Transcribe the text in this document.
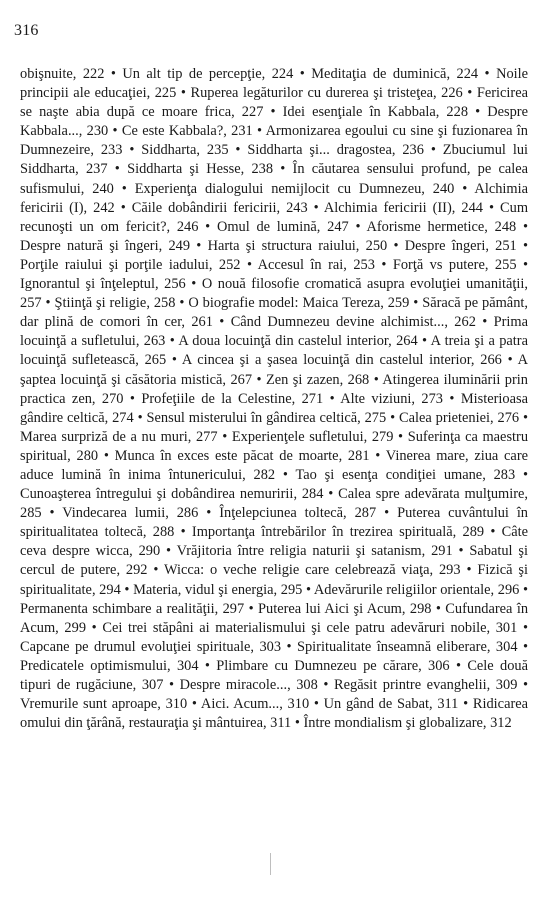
316
obişnuite, 222 • Un alt tip de percepţie, 224 • Meditaţia de duminică, 224 • Noile principii ale educaţiei, 225 • Ruperea legăturilor cu durerea şi tristeţea, 226 • Fericirea se naşte abia după ce moare frica, 227 • Idei esenţiale în Kabbala, 228 • Despre Kabbala..., 230 • Ce este Kabbala?, 231 • Armonizarea egoului cu sine şi fuzionarea în Dumnezeire, 233 • Siddharta, 235 • Siddharta şi... dragostea, 236 • Zbuciumul lui Siddharta, 237 • Siddharta şi Hesse, 238 • În căutarea sensului profund, pe calea sufismului, 240 • Experienţa dialogului nemijlocit cu Dumnezeu, 240 • Alchimia fericirii (I), 242 • Căile dobândirii fericirii, 243 • Alchimia fericirii (II), 244 • Cum recunoşti un om fericit?, 246 • Omul de lumină, 247 • Aforisme hermetice, 248 • Despre natură şi îngeri, 249 • Harta şi structura raiului, 250 • Despre îngeri, 251 • Porţile raiului şi porţile iadului, 252 • Accesul în rai, 253 • Forţă vs putere, 255 • Ignorantul şi înţeleptul, 256 • O nouă filosofie cromatică asupra evoluţiei umanităţii, 257 • Ştiinţă şi religie, 258 • O biografie model: Maica Tereza, 259 • Săracă pe pământ, dar plină de comori în cer, 261 • Când Dumnezeu devine alchimist..., 262 • Prima locuinţă a sufletului, 263 • A doua locuinţă din castelul interior, 264 • A treia şi a patra locuinţă sufletească, 265 • A cincea şi a şasea locuinţă din castelul interior, 266 • A şaptea locuinţă şi căsătoria mistică, 267 • Zen şi zazen, 268 • Atingerea iluminării prin practica zen, 270 • Profeţiile de la Celestine, 271 • Alte viziuni, 273 • Misterioasa gândire celtică, 274 • Sensul misterului în gândirea celtică, 275 • Calea prieteniei, 276 • Marea surpriză de a nu muri, 277 • Experienţele sufletului, 279 • Suferinţa ca maestru spiritual, 280 • Munca în exces este păcat de moarte, 281 • Vinerea mare, ziua care aduce lumină în inima întunericului, 282 • Tao şi esenţa condiţiei umane, 283 • Cunoaşterea întregului şi dobândirea nemuririi, 284 • Calea spre adevărata mulţumire, 285 • Vindecarea lumii, 286 • Înţelepciunea toltecă, 287 • Puterea cuvântului în spiritualitatea toltecă, 288 • Importanţa întrebărilor în trezirea spirituală, 289 • Câte ceva despre wicca, 290 • Vrăjitoria între religia naturii şi satanism, 291 • Sabatul şi cercul de putere, 292 • Wicca: o veche religie care celebrează viaţa, 293 • Fizică şi spiritualitate, 294 • Materia, vidul şi energia, 295 • Adevărurile religiilor orientale, 296 • Permanenta schimbare a realităţii, 297 • Puterea lui Aici şi Acum, 298 • Cufundarea în Acum, 299 • Cei trei stăpâni ai materialismului şi cele patru adevăruri nobile, 301 • Capcane pe drumul evoluţiei spirituale, 303 • Spiritualitate înseamnă eliberare, 304 • Predicatele optimismului, 304 • Plimbare cu Dumnezeu pe cărare, 306 • Cele două tipuri de rugăciune, 307 • Despre miracole..., 308 • Regăsit printre evanghelii, 309 • Vremurile sunt aproape, 310 • Aici. Acum..., 310 • Un gând de Sabat, 311 • Ridicarea omului din ţărână, restauraţia şi mântuirea, 311 • Între mondialism şi globalizare, 312
